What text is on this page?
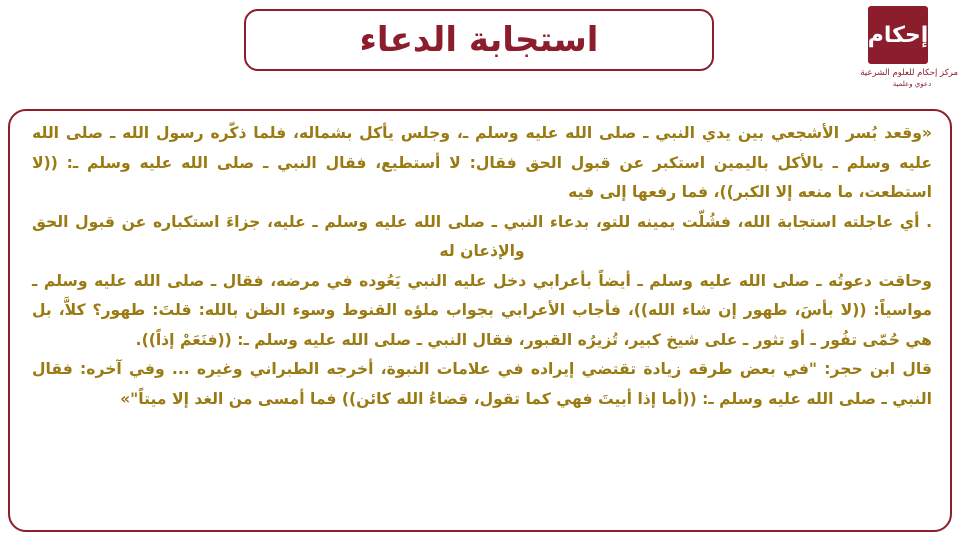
استجابة الدعاء	إحكام
مركز إحكام للعلوم الشرعية
دعوي وعلمية

«وقعد بُسر الأشجعي بين يدي النبي ـ صلى الله عليه وسلم ـ، وجلس يأكل بشماله، فلما ذكّره رسول الله ـ صلى الله عليه وسلم ـ بالأكل باليمين استكبر عن قبول الحق فقال: لا أستطيع، فقال النبي ـ صلى الله عليه وسلم ـ: ((لا استطعت، ما منعه إلا الكبر))، فما رفعها إلى فيه

. أي عاجلته استجابة الله، فشُلّت يمينه للتو، بدعاء النبي ـ صلى الله عليه وسلم ـ عليه، جزاءَ استكباره عن قبول الحق والإذعان له

وحاقت دعوتُه ـ صلى الله عليه وسلم ـ أيضاً بأعرابي دخل عليه النبي يَعُوده في مرضه، فقال ـ صلى الله عليه وسلم ـ مواسياً: ((لا بأسَ، طهور إن شاء الله))، فأجاب الأعرابي بجواب ملؤه القنوط وسوء الظن بالله: قلتَ: طهور؟ كلاَّ، بل هي حُمّى تفُور ـ أو تثور ـ على شيخ كبير، تُزيرُه القبور، فقال النبي ـ صلى الله عليه وسلم ـ: ((فنَعَمْ إذاً)).

قال ابن حجر: "في بعض طرقه زيادة تقتضي إيراده في علامات النبوة، أخرجه الطبراني وغيره ... وفي آخره: فقال النبي ـ صلى الله عليه وسلم ـ: ((أما إذا أبيتَ فهي كما تقول، قضاءُ الله كائن)) فما أمسى من الغد إلا ميتاً"»
